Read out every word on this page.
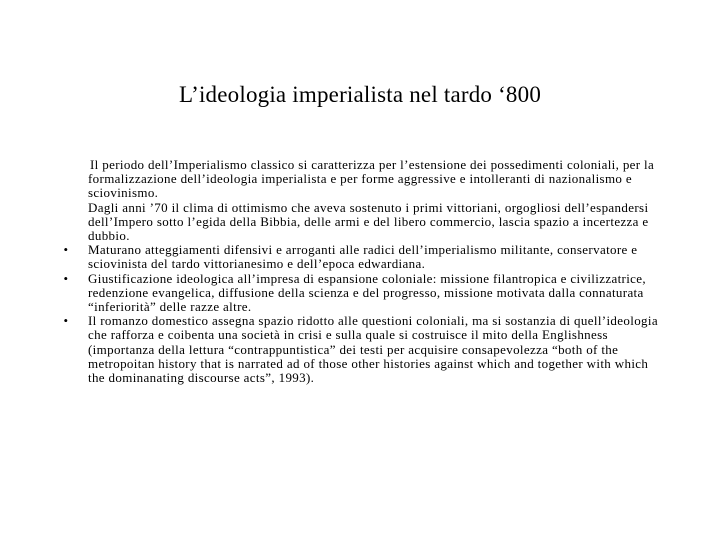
L’ideologia imperialista nel tardo ‘800

Il periodo dell’Imperialismo classico si caratterizza per l’estensione dei possedimenti coloniali, per la formalizzazione dell’ideologia imperialista e per forme aggressive e intolleranti di nazionalismo e sciovinismo.

Dagli anni ’70 il clima di ottimismo che aveva sostenuto i primi vittoriani, orgogliosi dell’espandersi dell’Impero sotto l’egida della Bibbia, delle armi e del libero commercio, lascia spazio a incertezza e dubbio.

• Maturano atteggiamenti difensivi e arroganti alle radici dell’imperialismo militante, conservatore e sciovinista del tardo vittorianesimo e dell’epoca edwardiana.

• Giustificazione ideologica all’impresa di espansione coloniale: missione filantropica e civilizzatrice, redenzione evangelica, diffusione della scienza e del progresso, missione motivata dalla connaturata “inferiorità” delle razze altre.

• Il romanzo domestico assegna spazio ridotto alle questioni coloniali, ma si sostanzia di quell’ideologia che rafforza e coibenta una società in crisi e sulla quale si costruisce il mito della Englishness (importanza della lettura “contrappuntistica” dei testi per acquisire consapevolezza “both of the metropoitan history that is narrated ad of those other histories against which and together with which the dominanating discourse acts”, 1993).
